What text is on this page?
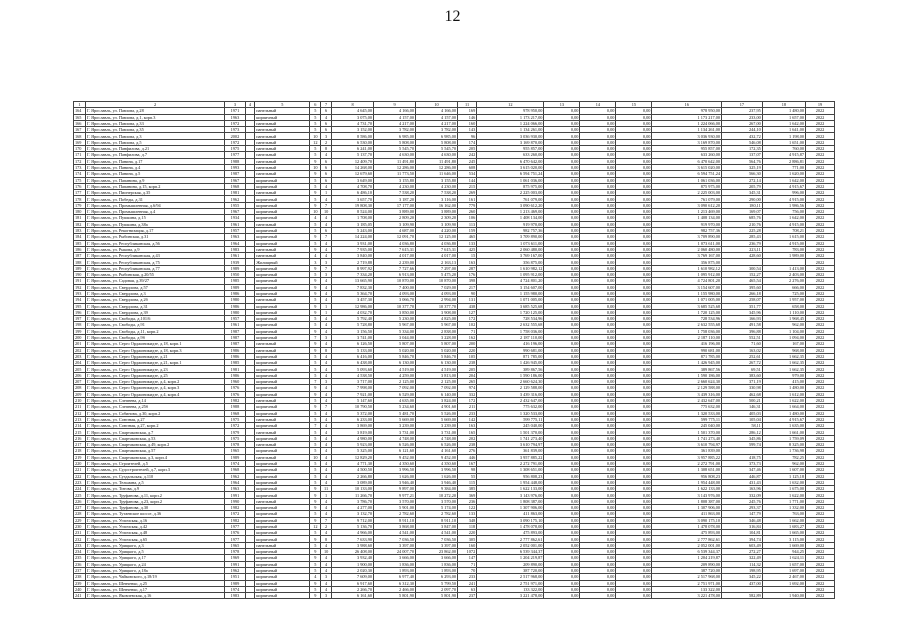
12
1	2	3	4	5	6	7	8	9	10	11	12	13	14	15	16	17	18	19
164	Г. Ярославль, ул. Павлова, д.28	1971		панельный	5	6	4 645,00	4 166,00	4 166,00	169	978 950,00	0,00	0,00	0,00	978 950,00	237,95	1 480,00	2022
165	Г. Ярославль, ул. Павлова, д.1, корп.3	1963		кирпичный	5	4	3 075,00	4 157,00	4 157,00	146	1 173 217,00	0,00	0,00	0,00	1 173 217,00	233,00	1 657,00	2022
166	Г. Ярославль, ул. Павлова, д.33	1972		панельный	5	6	4 731,70	4 217,00	4 217,00	160	1 224 066,00	0,00	0,00	0,00	1 224 066,00	267,00	1 642,00	2022
167	Г. Ярославль, ул. Павлова, д.35	1973		панельный	5	6	3 152,00	3 782,00	3 782,00	143	1 134 261,00	0,00	0,00	0,00	1 134 261,00	244,10	1 641,00	2022
168	Г. Ярославль, ул. Павлова, д.3	2002		панельный	10	3	8 586,00	6 985,00	6 985,00	96	3 036 930,00	0,00	0,00	0,00	3 036 930,00	432,72	1 198,00	2022
169	Г. Ярославль, ул. Павлова, д.5	1972		панельный	12	2	6 530,00	5 808,00	5 808,00	174	3 169 870,00	0,00	0,00	0,00	3 169 870,00	546,08	1 651,00	2022
170	Г. Ярославль, ул. Панфилова, д.21	1975		панельный	5	8	6 241,00	5 545,70	5 545,70	205	955 857,00	0,00	0,00	0,00	955 857,00	172,35	760,00	2022
171	Г. Ярославль, ул. Панфилова, д.7	1977		панельный	5	4	5 137,70	4 630,00	4 630,00	242	633 260,00	0,00	0,00	0,00	633 260,00	137,07	4 915,87	2022
172	Г. Ярославль, ул. Панина, д.17	1988		панельный	9	6	12 409,70	11 491,80	11 491,80	245	6 470 642,00	0,00	0,00	0,00	6 470 642,00	564,76	2 886,81	2022
173	Г. Ярославль, ул. Панина, д.4	1993		панельный	10	6	14 268,00	12 286,00	12 286,00	608	3 615 020,00	0,00	0,00	0,00	3 615 020,00	325,19	771,00	2022
174	Г. Ярославль, ул. Панина, д.5	1987		панельный	9	6	12 679,60	11 773,50	11 646,00	534	6 594 751,24	0,00	0,00	0,00	6 594 751,24	566,30	1 620,00	2022
175	Г. Ярославль, ул. Папанина, д.9	1967		кирпичный	5	6	3 649,00	3 155,80	3 155,80	144	1 061 036,00	0,00	0,00	0,00	1 061 036,00	272,14	1 642,00	2022
176	Г. Ярославль, ул. Папанина, д.15, корп.2	1968		кирпичный	5	4	4 708,70	4 230,00	4 230,00	215	875 975,00	0,00	0,00	0,00	875 975,00	205,79	4 915,67	2022
177	Г. Ярославль, ул. Пионерская, д.35	1981		панельный	9	1	6 486,10	7 538,20	7 538,20	269	2 225 003,00	0,00	0,00	0,00	2 225 003,00	345,31	996,00	2022
178	Г. Ярославль, ул. Победы, д.31	1962		кирпичный	5	4	3 657,70	3 187,20	3 116,00	161	761 079,00	0,00	0,00	0,00	761 079,00	290,00	4 915,00	2022
179	Г. Ярославль, ул. Промышленная, д.6/94	1955		кирпичный	9	7	19 808,30	17 177,00	16 162,00	779	3 090 612,20	0,00	0,00	0,00	3 090 612,20	180,11	1 986,56	2022
180	Г. Ярославль, ул. Промышленная, д.4	1967		кирпичный	10	10	8 524,00	3 889,00	3 889,00	260	1 213 469,00	0,00	0,00	0,00	1 213 469,00	169,07	756,00	2022
181	Г. Ярославль, ул. Пушкина, д.15	1934		кирпичный	4	4	1 708,00	2 809,20	2 309,20	106	1 408 134,00	0,00	0,00	0,00	1 408 134,00	685,76	1 642,00	2022
182	Г. Ярославль, ул. Пушкина, д.38а	1961		панельный	5	4	3 185,05	3 109,90	3 109,90	113	919 970,00	0,00	0,00	0,00	919 970,00	210,76	4 915,00	2022
183	Г. Ярославль, ул. Рекогнизация, д.17	1957		кирпичный	5	6	5 243,00	4 687,00	4 220,00	159	982 757,36	0,00	0,00	0,00	982 757,36	225,28	708,21	2022
184	Г. Ярославль, ул. Рыбинская, д.31	1963		кирпичный	9	7	14 224,00	12 091,70	12 125,00	465	3 709 890,00	0,00	0,00	0,00	3 709 890,00	285,43	1 615,00	2022
185	Г. Ярославль, ул. Республиканская, д.56	1964		кирпичный	5	4	3 931,00	4 036,80	4 036,80	133	1 073 611,00	0,00	0,00	0,00	1 073 611,00	236,79	4 915,00	2022
186	Г. Ярославль, ул. Рыкова, д.9	1983		панельный	9	4	7 935,00	7 615,31	7 615,31	425	2 060 480,00	0,00	0,00	0,00	2 060 480,00	223,11	783,00	2022
187	Г. Ярославль, ул. Республиканская, д.43	1961		панельный	4	4	3 840,00	4 017,00	4 017,00	15	3 769 167,00	0,00	0,00	0,00	3 769 167,00	428,60	1 989,00	2022
188	Г. Ярославль, ул. Республиканская, д.75	1939		Жилищный	3	3	2 719,88	2 239,00	2 163,13	163	356 875,00	0,00	0,00	0,00	356 875,00			2022
189	Г. Ярославль, ул. Республиканская, д.77	1989		кирпичный	9	7	8 997,92	7 727,66	7 297,00	287	1 610 982,12	0,00	0,00	0,00	1 610 982,12	300,54	1 413,00	2022
190	Г. Ярославль, ул. Рыбинская, д.20/55	1950		кирпичный	5	3	7 334,20	6 913,00	5 475,20	176	1 095 912,00	0,00	0,00	0,00	1 095 912,00	152,27	2 403,00	2022
191	Г. Ярославль, ул. Садовая, д.39/27	1985		кирпичный	9	4	13 665,90	10 870,00	10 870,00	398	4 724 801,20	0,00	0,00	0,00	4 724 801,20	465,54	2 276,00	2022
192	Г. Ярославль, ул. Свердлова, д.57	1989		кирпичный	9	4	7 832,30	7 400,00	7 029,00	217	3 154 607,00	0,00	0,00	0,00	3 154 607,00	395,60	666,00	2022
193	Г. Ярославль, ул. Свердлова, д.3	1986		кирпичный	9	4	5 364,70	4 093,00	4 093,00	90	1 155 980,00	0,00	0,00	0,00	1 155 980,00	266,18	725,00	2022
194	Г. Ярославль, ул. Свердлова, д.2б	1980		панельный	5	4	3 457,30	3 066,70	2 994,00	131	1 071 005,00	0,00	0,00	0,00	1 071 005,00	258,07	1 957,00	2022
195	Г. Ярославль, ул. Свердлова, д.31	1986		кирпичный	9	1	12 986,00	10 377,70	10 377,70	438	3 685 525,68	0,00	0,00	0,00	3 685 525,68	351,77	658,00	2022
196	Г. Ярославль, ул. Свердлова, д.39	1980		кирпичный	9	1	4 032,70	3 850,00	3 908,00	127	1 720 125,00	0,00	0,00	0,00	1 720 125,00	345,96	1 110,00	2022
197	Г. Ярославль, ул. Свободы, д.101/6	1957		кирпичный	5	4	5 792,40	5 230,00	4 825,00	172	728 534,96	0,00	0,00	0,00	728 534,96	166,93	1 968,45	2022
198	Г. Ярославль, ул. Свободы, д.91	1961		кирпичный	5	4	5 728,80	5 967,00	5 967,00	102	2 632 555,68	0,00	0,00	0,00	2 632 555,68	491,58	962,00	2022
199	Г. Ярославль, ул. Свободы, д.11, корп.2	1987		кирпичный	9	4	3 156,50	5 334,00	2 838,00	71	1 758 036,00	0,00	0,00	0,00	1 758 036,00	396,88	1 104,00	2022
200	Г. Ярославль, ул. Свободы, д.9б	1987		кирпичный	7	3	3 741,00	3 044,00	3 228,00	162	2 187 110,00	0,00	0,00	0,00	2 187 110,00	552,51	1 094,00	2022
201	Г. Ярославль, ул. Серго Орджоникидзе, д.18, корп.1	1987		панельный	9	4	6 126,50	5 807,00	5 807,00	200	416 196,00	0,00	0,00	0,00	416 196,00	71,60	167,00	2022
202	Г. Ярославль, ул. Серго Орджоникидзе, д.18, корп.3	1986		панельный	9	8	5 133,00	5 020,00	5 020,00	220	990 681,00	0,00	0,00	0,00	990 681,00	163,02	968,00	2022
203	Г. Ярославль, ул. Серго Орджоникидзе, д.21	1986		кирпичный	5	4	6 416,00	5 846,70	5 846,70	105	871 785,00	0,00	0,00	0,00	871 785,00	252,61	1 662,35	2022
204	Г. Ярославль, ул. Серго Орджоникидзе, д.21, корп.1	1985		кирпичный	5	4	6 438,00	6 130,00	6 130,00	238	1 426 945,00	0,00	0,00	0,00	1 426 945,00	267,72	1 662,35	2022
205	Г. Ярославль, ул. Серго Орджоникидзе, д.23	1981		кирпичный	5	4	5 093,60	4 519,00	4 519,00	205	389 867,56	0,00	0,00	0,00	389 867,56	69,51	1 662,35	2022
206	Г. Ярославль, ул. Серго Орджоникидзе, д.25	1986		кирпичный	5	4	4 538,50	4 259,00	3 813,00	204	1 590 186,00	0,00	0,00	0,00	1 590 186,00	383,60	979,00	2022
207	Г. Ярославль, ул. Серго Орджоникидзе, д.4, корп.2	1960		кирпичный	7	3	3 717,00	2 125,00	2 125,00	265	2 660 624,30	0,00	0,00	0,00	2 660 624,30	371,19	415,00	2022
208	Г. Ярославль, ул. Серго Орджоникидзе, д.4, корп.3	1976		кирпичный	9	4	7 998,00	7 092,00	7 092,00	974	2 129 588,00	0,00	0,00	0,00	2 129 588,00	330,98	1 480,00	2022
209	Г. Ярославль, ул. Серго Орджоникидзе, д.4, корп.4	1976		кирпичный	9	4	7 921,00	6 529,00	6 140,00	332	3 439 316,00	0,00	0,00	0,00	3 439 316,00	462,68	1 612,00	2022
210	Г. Ярославль, ул. Слепнева, д.14	1982		панельный	5	4	5 147,60	4 635,00	3 824,00	172	2 432 647,00	0,00	0,00	0,00	2 432 647,00	500,21	1 622,00	2022
211	Г. Ярославль, ул. Слепнева, д.25б	1988		кирпичный	9	7	10 790,50	5 234,60	4 901,60	211	775 632,00	0,00	0,00	0,00	775 632,00	146,31	1 664,00	2022
212	Г. Ярославль, ул. Собинова, д.30, корп.2	1968		кирпичный	5	4	5 372,00	5 481,70	5 526,00	233	1 320 533,00	0,00	0,00	0,00	1 320 533,00	405,03	1 480,00	2022
213	Г. Ярославль, ул. Союзная, д.27	1975		панельный	5	4	6 233,00	5 669,00	5 669,00	142	599 775,11	0,00	0,00	0,00	599 775,11	105,04	4 915,67	2022
214	Г. Ярославль, ул. Союзная, д.27, корп.2	1972		кирпичный	7	4	3 869,00	3 239,00	3 239,00	163	245 040,00	0,00	0,00	0,00	245 040,00	58,11	1 635,00	2022
215	Г. Ярославль, ул. Спартаковская, д.7	1979		панельный	5	4	3 819,00	3 731,00	3 731,00	165	1 501 370,00	0,00	0,00	0,00	1 501 370,00	286,12	1 661,00	2022
216	Г. Ярославль, ул. Спартаковская, д.53	1975		кирпичный	5	4	4 980,00	4 748,00	4 748,00	202	1 741 273,40	0,00	0,00	0,00	1 741 273,40	345,86	1 759,09	2022
217	Г. Ярославль, ул. Спартаковская, д.49, корп.2	1978		панельный	5	4	5 923,00	6 526,00	6 526,00	238	3 610 794,97	0,00	0,00	0,00	3 610 794,97	599,74	8 325,00	2022
218	Г. Ярославль, ул. Спартаковская, д.57	1965		кирпичный	5	4	5 325,00	6 121,60	4 161,60	276	361 839,00	0,00	0,00	0,00	361 839,00		1 736,98	2022
219	Г. Ярославль, ул. Спартаковская, д.3, корп.4	1989		панельный	10	4	12 829,20	9 452,00	9 452,00	446	3 957 885,22	0,00	0,00	0,00	3 957 885,22	418,75	782,25	2022
220	Г. Ярославль, ул. Строителей, д.5	1974		кирпичный	5	4	4 771,30	4 350,60	4 350,60	167	2 272 791,00	0,00	0,00	0,00	2 272 791,00	373,73	962,00	2022
221	Г. Ярославль, ул. Судостроителей, д.7, корп.3	1968		кирпичный	5	4	4 500,50	3 996,50	3 996,50	98	1 308 651,00	0,00	0,00	0,00	1 308 651,00	347,46	1 607,00	2022
222	Г. Ярославль, ул. Суздальская, д.110	1962		кирпичный	5	4	2 266,80	1 626,00	1 626,00	55	956 808,23	0,00	0,00	0,00	956 808,23	446,87	1 125,18	2022
223	Г. Ярославль, ул. Тельмана, д.5	1964		кирпичный	5	4	3 089,00	3 946,40	3 946,40	115	1 954 448,00	0,00	0,00	0,00	1 954 448,00	431,43	1 632,00	2022
224	Г. Ярославль, ул. Титова, д.9	1963		кирпичный	9	11	10 133,00	9 897,00	9 384,00	385	1 622 133,00	0,00	0,00	0,00	1 622 133,00	163,96	1 675,00	2022
225	Г. Ярославль, ул. Труфанова, д.11, корп.2	1991		кирпичный	9	1	11 266,70	9 977,21	10 272,20	369	3 143 976,00	0,00	0,00	0,00	3 143 976,00	332,09	1 622,00	2022
226	Г. Ярославль, ул. Труфанова, д.23, корп.2	1990		панельный	9	4	3 786,70	3 570,00	3 570,00	236	1 808 387,00	0,00	0,00	0,00	1 808 387,00	245,76	1 771,00	2022
227	Г. Ярославль, ул. Труфанова, д.30	1982		кирпичный	9	4	4 277,00	5 901,00	5 174,00	122	1 307 906,00	0,00	0,00	0,00	1 307 906,00	293,37	1 332,00	2022
228	Г. Ярославль, ул. Тутаевское шоссе, д.36	1972		кирпичный	5	4	3 132,70	2 782,60	2 782,60	133	411 863,00	0,00	0,00	0,00	411 863,00	147,79	763,00	2022
229	Г. Ярославль, ул. Угличская, д.16	1982		кирпичный	9	7	9 712,00	8 911,10	8 911,10	348	3 090 175,10	0,00	0,00	0,00	3 090 175,10	346,48	1 662,00	2022
230	Г. Ярославль, ул. Угличская, д.42	1977		кирпичный	12	2	5 136,70	3 868,00	3 847,00	118	1 478 078,00	0,00	0,00	0,00	1 478 078,00	316,84	1 683,27	2022
231	Г. Ярославль, ул. Угличская, д.48	1976		кирпичный	5	4	4 966,00	4 541,00	4 541,00	220	475 893,00	0,00	0,00	0,00	475 893,00	104,81	1 665,00	2022
232	Г. Ярославль, ул. Угличская, д.65	1977		кирпичный	9	8	7 633,90	7 036,50	7 036,50	305	2 777 862,61	0,00	0,00	0,00	2 777 862,61	394,74	3 115,00	2022
233	Г. Ярославль, ул. Урицкого, д.3	1965		панельный	5	4	3 988,60	3 397,00	3 397,00	160	2 052 001,00	0,00	0,00	0,00	2 052 001,00	603,49	1 669,00	2022
234	Г. Ярославль, ул. Урицкого, д.5	1978		кирпичный	9	10	26 408,00	24 007,70	23 862,00	1072	6 539 344,37	0,00	0,00	0,00	6 539 344,37	272,27	944,25	2022
235	Г. Ярославль, ул. Урицкого, д.17	1969		кирпичный	9	4	3 932,40	3 666,00	3 666,00	147	1 204 219,87	0,00	0,00	0,00	1 204 219,87	322,49	1 624,11	2022
236	Г. Ярославль, ул. Урицкого, д.24	1991		кирпичный	5	4	1 900,00	1 836,00	1 836,00	71	209 890,00	0,00	0,00	0,00	209 890,00	114,32	1 657,00	2022
237	Г. Ярославль, ул. Урицкого, д.18а	1962		кирпичный	5	4	2 020,30	1 893,00	1 893,00	70	387 720,00	0,00	0,00	0,00	387 720,00	198,95	1 697,00	2022
238	Г. Ярославль, ул. Чайковского, д.18/19	1951		кирпичный	4	3	7 609,00	6 977,40	6 293,00	233	2 517 968,00	0,00	0,00	0,00	2 517 968,00	345,22	2 467,00	2022
239	Г. Ярославль, ул. Шевченко, д.25	1989		кирпичный	9	4	6 917,60	6 312,30	5 799,50	241	2 751 971,00	0,00	0,00	0,00	2 751 971,00	437,00	1 692,00	2022
240	Г. Ярославль, ул. Шевченко, д.17	1974		кирпичный	5	4	2 266,70	2 466,00	2 097,70	63	133 322,00	0,00	0,00	0,00	133 322,00			2022
241	Г. Ярославль, ул. Яковлевская, д.16	1983		кирпичный	9	3	6 161,60	5 801,90	5 801,90	237	3 221 478,00	0,00	0,00	0,00	3 221 478,00	582,89	1 940,00	2022
